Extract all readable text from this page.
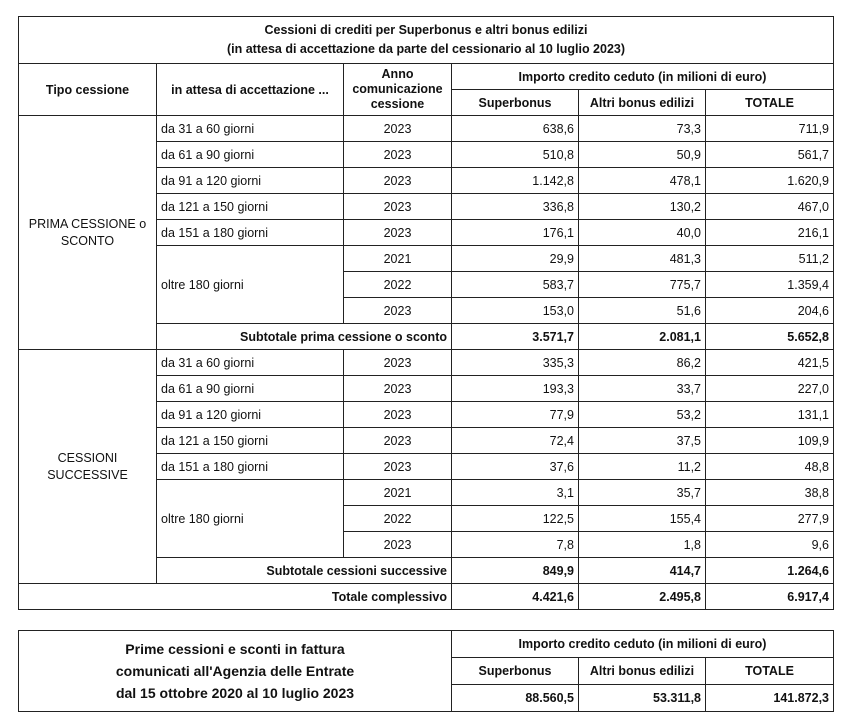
Cessioni di crediti per Superbonus e altri bonus edilizi
(in attesa di accettazione da parte del cessionario al 10 luglio 2023)					
Tipo cessione	in attesa di accettazione ...	Anno comunicazione cessione	Importo credito ceduto (in milioni di euro)		
			Superbonus	Altri bonus edilizi	TOTALE
PRIMA CESSIONE o SCONTO	da 31 a 60 giorni	2023	638,6	73,3	711,9
	da 61 a 90 giorni	2023	510,8	50,9	561,7
	da 91 a 120 giorni	2023	1.142,8	478,1	1.620,9
	da 121 a 150 giorni	2023	336,8	130,2	467,0
	da 151 a 180 giorni	2023	176,1	40,0	216,1
	oltre 180 giorni	2021	29,9	481,3	511,2
		2022	583,7	775,7	1.359,4
		2023	153,0	51,6	204,6
	Subtotale prima cessione o sconto		3.571,7	2.081,1	5.652,8
CESSIONI SUCCESSIVE	da 31 a 60 giorni	2023	335,3	86,2	421,5
	da 61 a 90 giorni	2023	193,3	33,7	227,0
	da 91 a 120 giorni	2023	77,9	53,2	131,1
	da 121 a 150 giorni	2023	72,4	37,5	109,9
	da 151 a 180 giorni	2023	37,6	11,2	48,8
	oltre 180 giorni	2021	3,1	35,7	38,8
		2022	122,5	155,4	277,9
		2023	7,8	1,8	9,6
	Subtotale cessioni successive		849,9	414,7	1.264,6
Totale complessivo			4.421,6	2.495,8	6.917,4
Prime cessioni e sconti in fattura
comunicati all'Agenzia delle Entrate
dal 15 ottobre 2020 al 10 luglio 2023	Importo credito ceduto (in milioni di euro)		
	Superbonus	Altri bonus edilizi	TOTALE
	88.560,5	53.311,8	141.872,3
